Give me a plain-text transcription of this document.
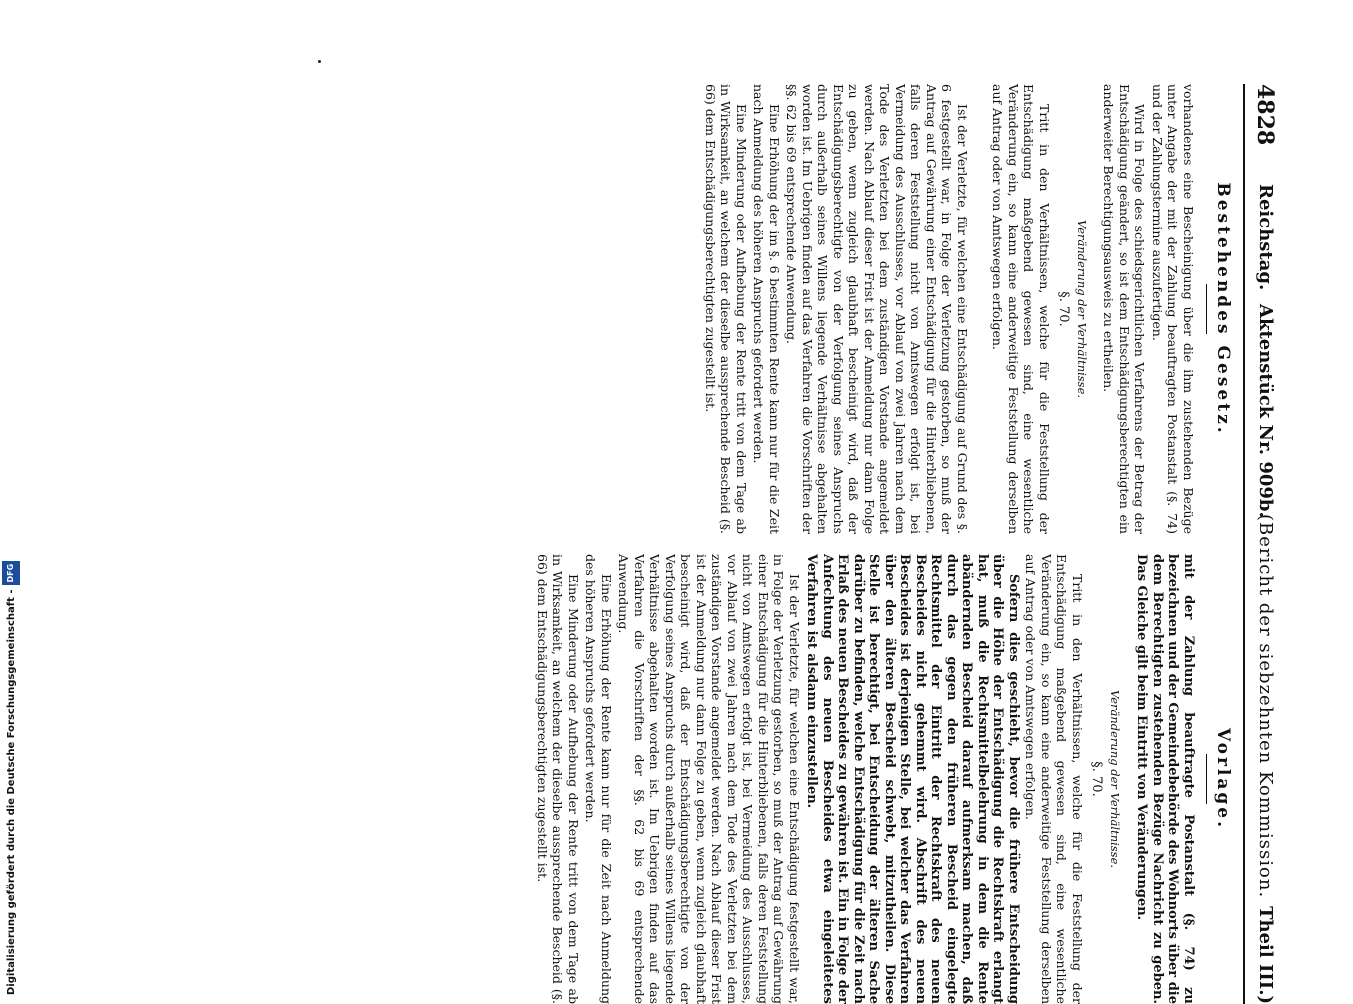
Digitalisierung gefördert durch die Deutsche Forschungsgemeinschaft -DFG
4828
Reichstag.
Aktenstück Nr. 909b.
(Bericht der siebzehnten Kommission.
Theil III.)
Bestehendes Gesetz.

vorhandenes eine Bescheinigung über die ihm zustehenden Bezüge unter Angabe der mit der Zahlung beauftragten Postanstalt (§. 74) und der Zahlungstermine auszufertigen.

Wird in Folge des schiedsgerichtlichen Verfahrens der Betrag der Entschädigung geändert, so ist dem Entschädigungsberechtigten ein anderweiter Berechtigungsausweis zu ertheilen.

Veränderung der Verhältnisse.
§. 70.

Tritt in den Verhältnissen, welche für die Feststellung der Entschädigung maßgebend gewesen sind, eine wesentliche Veränderung ein, so kann eine anderweitige Feststellung derselben auf Antrag oder von Amtswegen erfolgen.

Ist der Verletzte, für welchen eine Entschädigung auf Grund des §. 6 festgestellt war, in Folge der Verletzung gestorben, so muß der Antrag auf Gewährung einer Entschädigung für die Hinterbliebenen, falls deren Feststellung nicht von Amtswegen erfolgt ist, bei Vermeidung des Ausschlusses, vor Ablauf von zwei Jahren nach dem Tode des Verletzten bei dem zuständigen Vorstande angemeldet werden. Nach Ablauf dieser Frist ist der Anmeldung nur dann Folge zu geben, wenn zugleich glaubhaft bescheinigt wird, daß der Entschädigungsberechtigte von der Verfolgung seines Anspruchs durch außerhalb seines Willens liegende Verhältnisse abgehalten worden ist. Im Uebrigen finden auf das Verfahren die Vorschriften der §§. 62 bis 69 entsprechende Anwendung.

Eine Erhöhung der im §. 6 bestimmten Rente kann nur für die Zeit nach Anmeldung des höheren Anspruchs gefordert werden.

Eine Minderung oder Aufhebung der Rente tritt von dem Tage ab in Wirksamkeit, an welchem der dieselbe aussprechende Bescheid (§. 66) dem Entschädigungsberechtigten zugestellt ist.

Vorlage.

mit der Zahlung beauftragte Postanstalt (§. 74) zu bezeichnen und der Gemeindebehörde des Wohnorts über die dem Berechtigten zustehenden Bezüge Nachricht zu geben. Das Gleiche gilt beim Eintritt von Veränderungen.

Veränderung der Verhältnisse.
§. 70.

Tritt in den Verhältnissen, welche für die Feststellung der Entschädigung maßgebend gewesen sind, eine wesentliche Veränderung ein, so kann eine anderweitige Feststellung derselben auf Antrag oder von Amtswegen erfolgen.

Sofern dies geschieht, bevor die frühere Entscheidung über die Höhe der Entschädigung die Rechtskraft erlangt hat, muß die Rechtsmittelbelehrung in dem die Rente abändernden Bescheid darauf aufmerksam machen, daß durch das gegen den früheren Bescheid eingelegte Rechtsmittel der Eintritt der Rechtskraft des neuen Bescheides nicht gehemmt wird. Abschrift des neuen Bescheides ist derjenigen Stelle, bei welcher das Verfahren über den älteren Bescheid schwebt, mitzutheilen. Diese Stelle ist berechtigt, bei Entscheidung der älteren Sache darüber zu befinden, welche Entschädigung für die Zeit nach Erlaß des neuen Bescheides zu gewähren ist. Ein in Folge der Anfechtung des neuen Bescheides etwa eingeleitetes Verfahren ist alsdann einzustellen.

Ist der Verletzte, für welchen eine Entschädigung festgestellt war, in Folge der Verletzung gestorben, so muß der Antrag auf Gewährung einer Entschädigung für die Hinterbliebenen, falls deren Feststellung nicht von Amtswegen erfolgt ist, bei Vermeidung des Ausschlusses, vor Ablauf von zwei Jahren nach dem Tode des Verletzten bei dem zuständigen Vorstande angemeldet werden. Nach Ablauf dieser Frist ist der Anmeldung nur dann Folge zu geben, wenn zugleich glaubhaft bescheinigt wird, daß der Entschädigungsberechtigte von der Verfolgung seines Anspruchs durch außerhalb seines Willens liegende Verhältnisse abgehalten worden ist. Im Uebrigen finden auf das Verfahren die Vorschriften der §§. 62 bis 69 entsprechende Anwendung.

Eine Erhöhung der Rente kann nur für die Zeit nach Anmeldung des höheren Anspruchs gefordert werden.

Eine Minderung oder Aufhebung der Rente tritt von dem Tage ab in Wirksamkeit, an welchem der dieselbe aussprechende Bescheid (§. 66) dem Entschädigungsberechtigten zugestellt ist.
